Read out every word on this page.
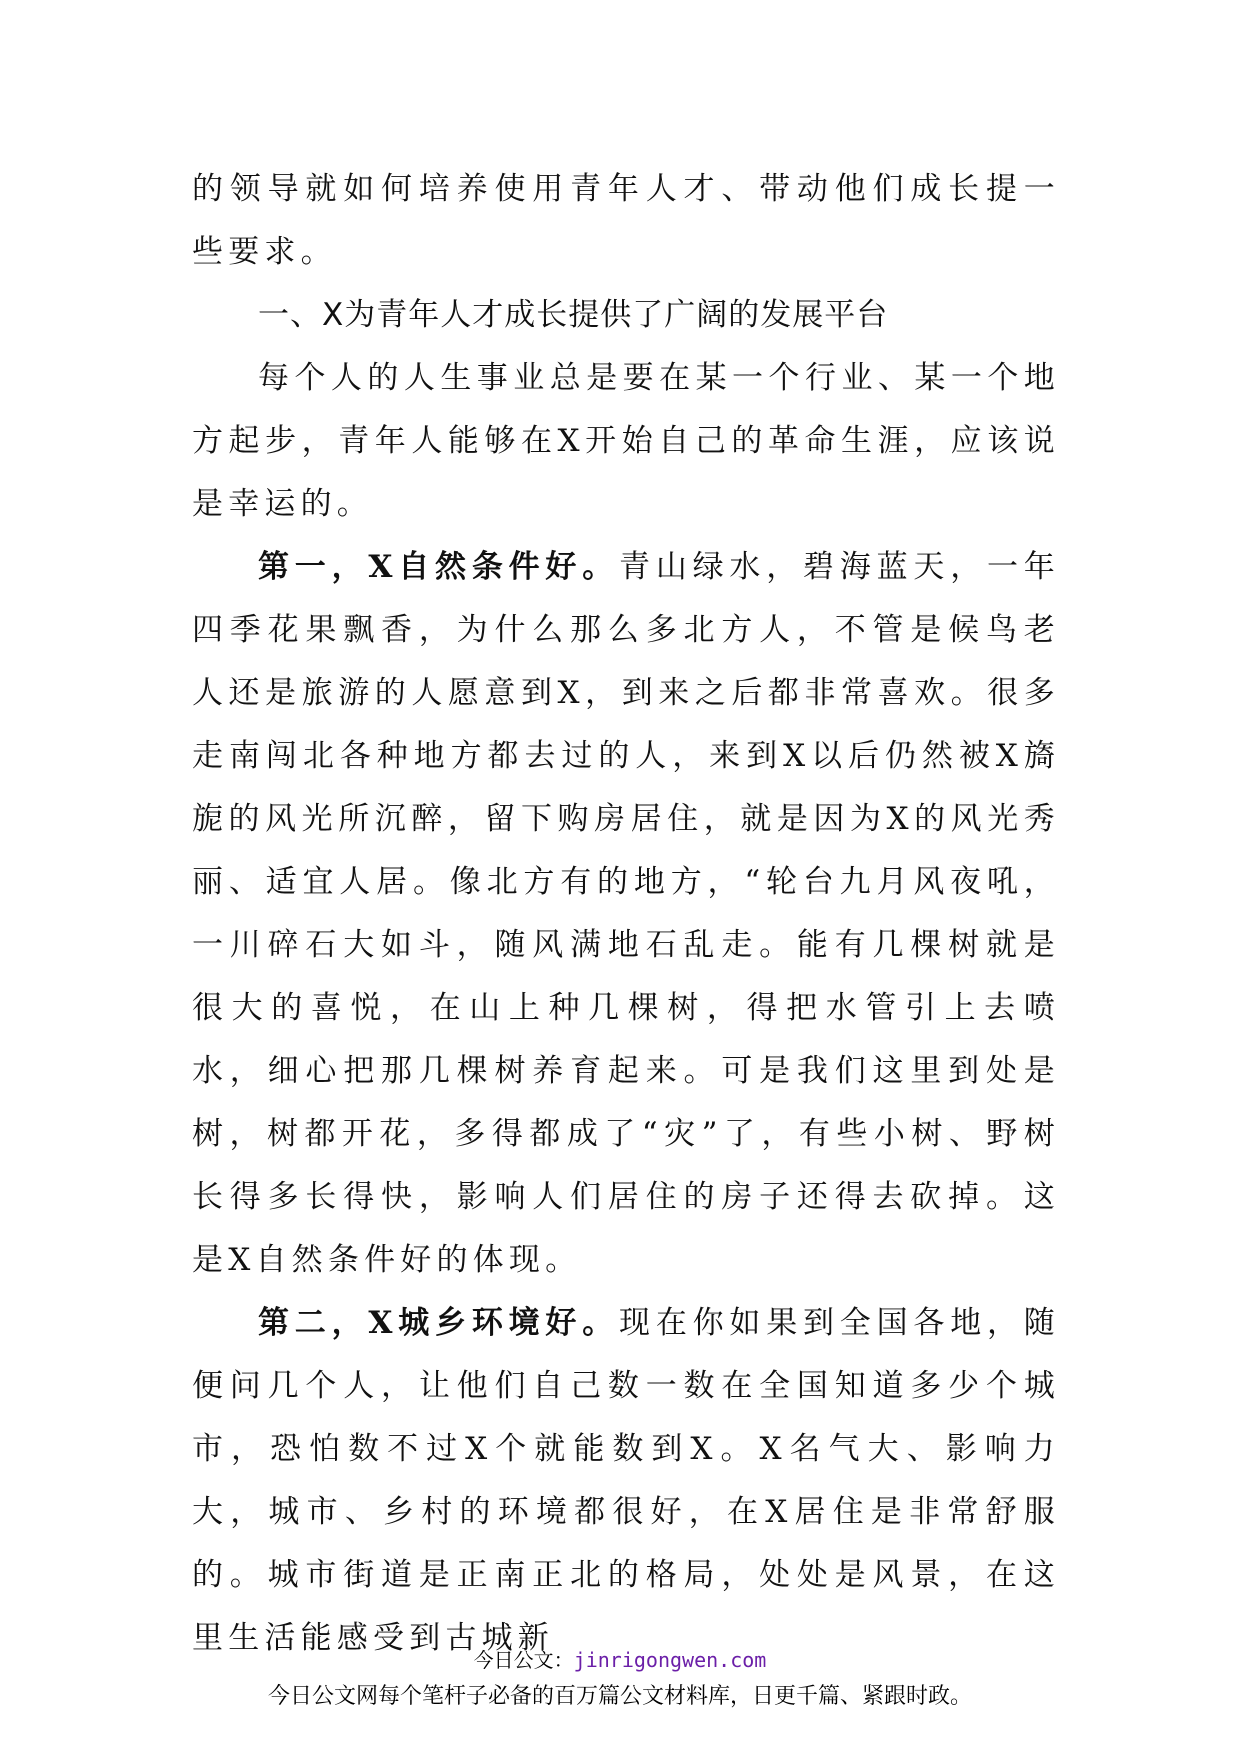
的领导就如何培养使用青年人才、带动他们成长提一些要求。

一、X为青年人才成长提供了广阔的发展平台

每个人的人生事业总是要在某一个行业、某一个地方起步，青年人能够在X开始自己的革命生涯，应该说是幸运的。

第一，X自然条件好。青山绿水，碧海蓝天，一年四季花果飘香，为什么那么多北方人，不管是候鸟老人还是旅游的人愿意到X，到来之后都非常喜欢。很多走南闯北各种地方都去过的人，来到X以后仍然被X旖旎的风光所沉醉，留下购房居住，就是因为X的风光秀丽、适宜人居。像北方有的地方，“轮台九月风夜吼，一川碎石大如斗，随风满地石乱走。能有几棵树就是很大的喜悦，在山上种几棵树，得把水管引上去喷水，细心把那几棵树养育起来。可是我们这里到处是树，树都开花，多得都成了“灾”了，有些小树、野树长得多长得快，影响人们居住的房子还得去砍掉。这是X自然条件好的体现。

第二，X城乡环境好。现在你如果到全国各地，随便问几个人，让他们自己数一数在全国知道多少个城市，恐怕数不过X个就能数到X。X名气大、影响力大，城市、乡村的环境都很好，在X居住是非常舒服的。城市街道是正南正北的格局，处处是风景，在这里生活能感受到古城新

今日公文：jinrigongwen.com
今日公文网每个笔杆子必备的百万篇公文材料库，日更千篇、紧跟时政。
